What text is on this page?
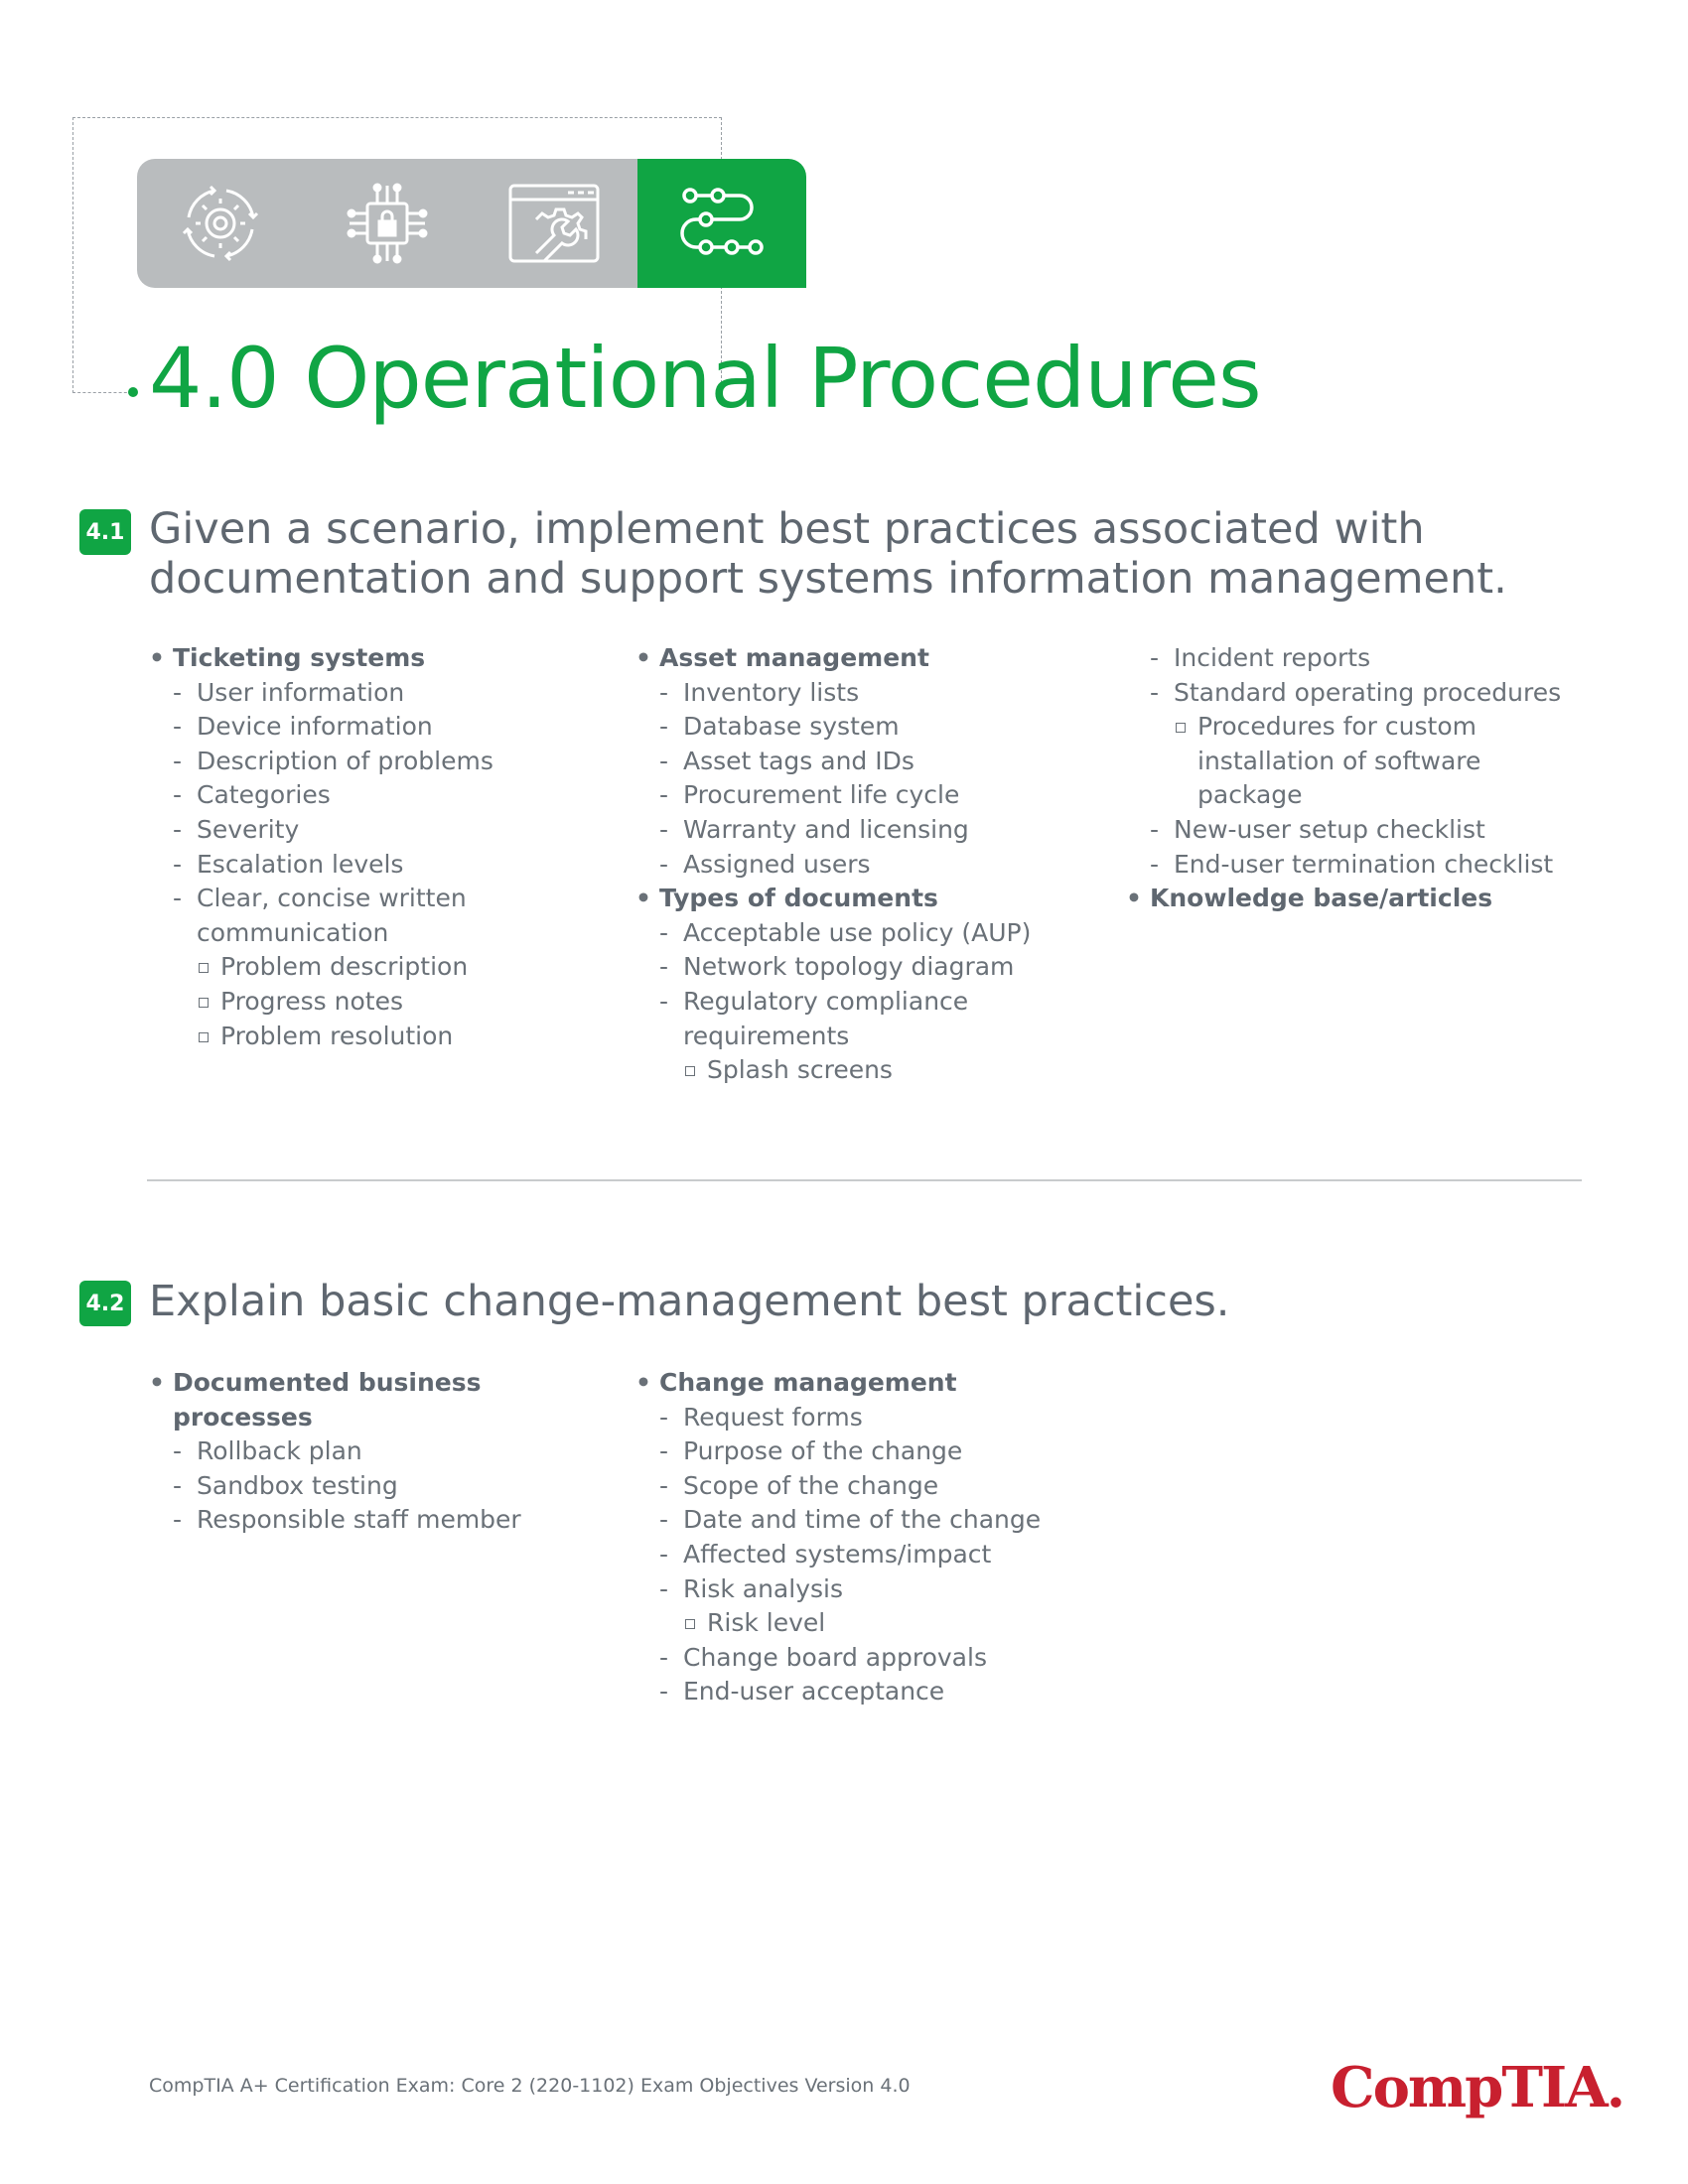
4.0 Operational Procedures
4.1 Given a scenario, implement best practices associated with documentation and support systems information management.
• Ticketing systems
- User information
- Device information
- Description of problems
- Categories
- Severity
- Escalation levels
- Clear, concise written communication
Problem description
Progress notes
Problem resolution
• Asset management
- Inventory lists
- Database system
- Asset tags and IDs
- Procurement life cycle
- Warranty and licensing
- Assigned users
• Types of documents
- Acceptable use policy (AUP)
- Network topology diagram
- Regulatory compliance requirements
Splash screens
- Incident reports
- Standard operating procedures
Procedures for custom installation of software package
- New-user setup checklist
- End-user termination checklist
• Knowledge base/articles
4.2 Explain basic change-management best practices.
• Documented business processes
- Rollback plan
- Sandbox testing
- Responsible staff member
• Change management
- Request forms
- Purpose of the change
- Scope of the change
- Date and time of the change
- Affected systems/impact
- Risk analysis
Risk level
- Change board approvals
- End-user acceptance
CompTIA A+ Certification Exam: Core 2 (220-1102) Exam Objectives Version 4.0	CompTIA.
